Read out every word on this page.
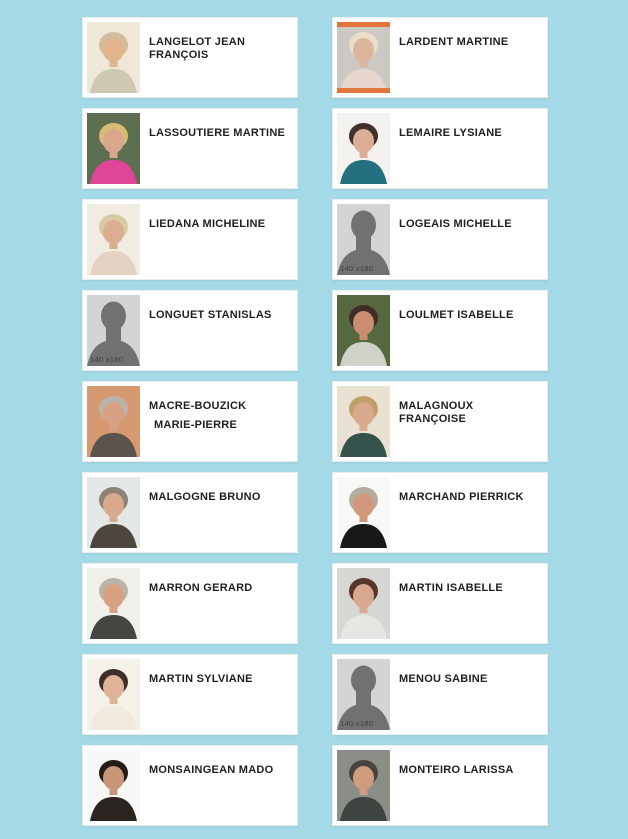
LANGELOT JEAN FRANÇOIS
LARDENT MARTINE
LASSOUTIERE MARTINE	LEMAIRE LYSIANE
LIEDANA MICHELINE
140 x180
LOGEAIS MICHELLE
140 x180
LONGUET STANISLAS	LOULMET ISABELLE
MACRE-BOUZICK
MARIE-PIERRE
MALAGNOUX FRANÇOISE
MALGOGNE BRUNO	MARCHAND PIERRICK
MARRON GERARD	MARTIN ISABELLE
MARTIN SYLVIANE
140 x180
MENOU SABINE
MONSAINGEAN MADO	MONTEIRO LARISSA
